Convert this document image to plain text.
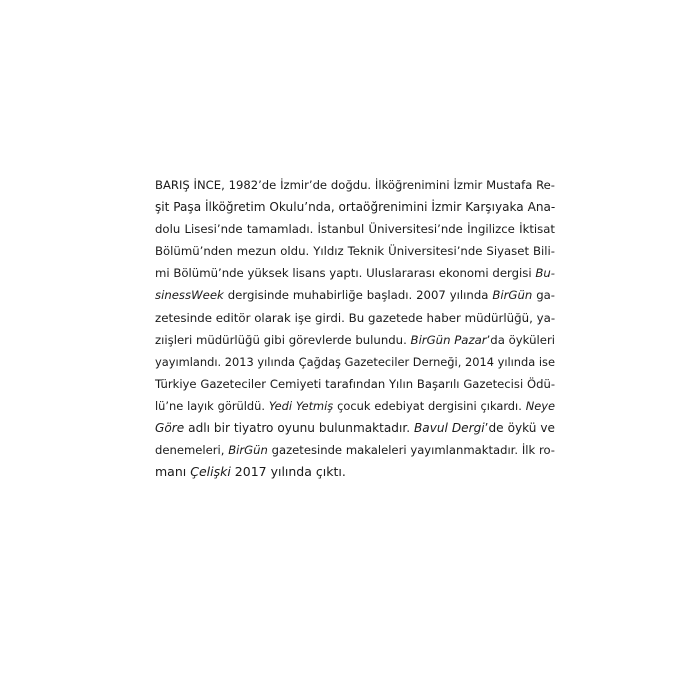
BARIŞ İNCE, 1982’de İzmir’de doğdu. İlköğrenimini İzmir Mustafa Re-
şit Paşa İlköğretim Okulu’nda, ortaöğrenimini İzmir Karşıyaka Ana-
dolu Lisesi’nde tamamladı. İstanbul Üniversitesi’nde İngilizce İktisat
Bölümü’nden mezun oldu. Yıldız Teknik Üniversitesi’nde Siyaset Bili-
mi Bölümü’nde yüksek lisans yaptı. Uluslararası ekonomi dergisi Bu-
sinessWeek dergisinde muhabirliğe başladı. 2007 yılında BirGün ga-
zetesinde editör olarak işe girdi. Bu gazetede haber müdürlüğü, ya-
zıişleri müdürlüğü gibi görevlerde bulundu. BirGün Pazar’da öyküleri
yayımlandı. 2013 yılında Çağdaş Gazeteciler Derneği, 2014 yılında ise
Türkiye Gazeteciler Cemiyeti tarafından Yılın Başarılı Gazetecisi Ödü-
lü’ne layık görüldü. Yedi Yetmiş çocuk edebiyat dergisini çıkardı. Neye
Göre adlı bir tiyatro oyunu bulunmaktadır. Bavul Dergi’de öykü ve
denemeleri, BirGün gazetesinde makaleleri yayımlanmaktadır. İlk ro-
manı Çelişki 2017 yılında çıktı.
